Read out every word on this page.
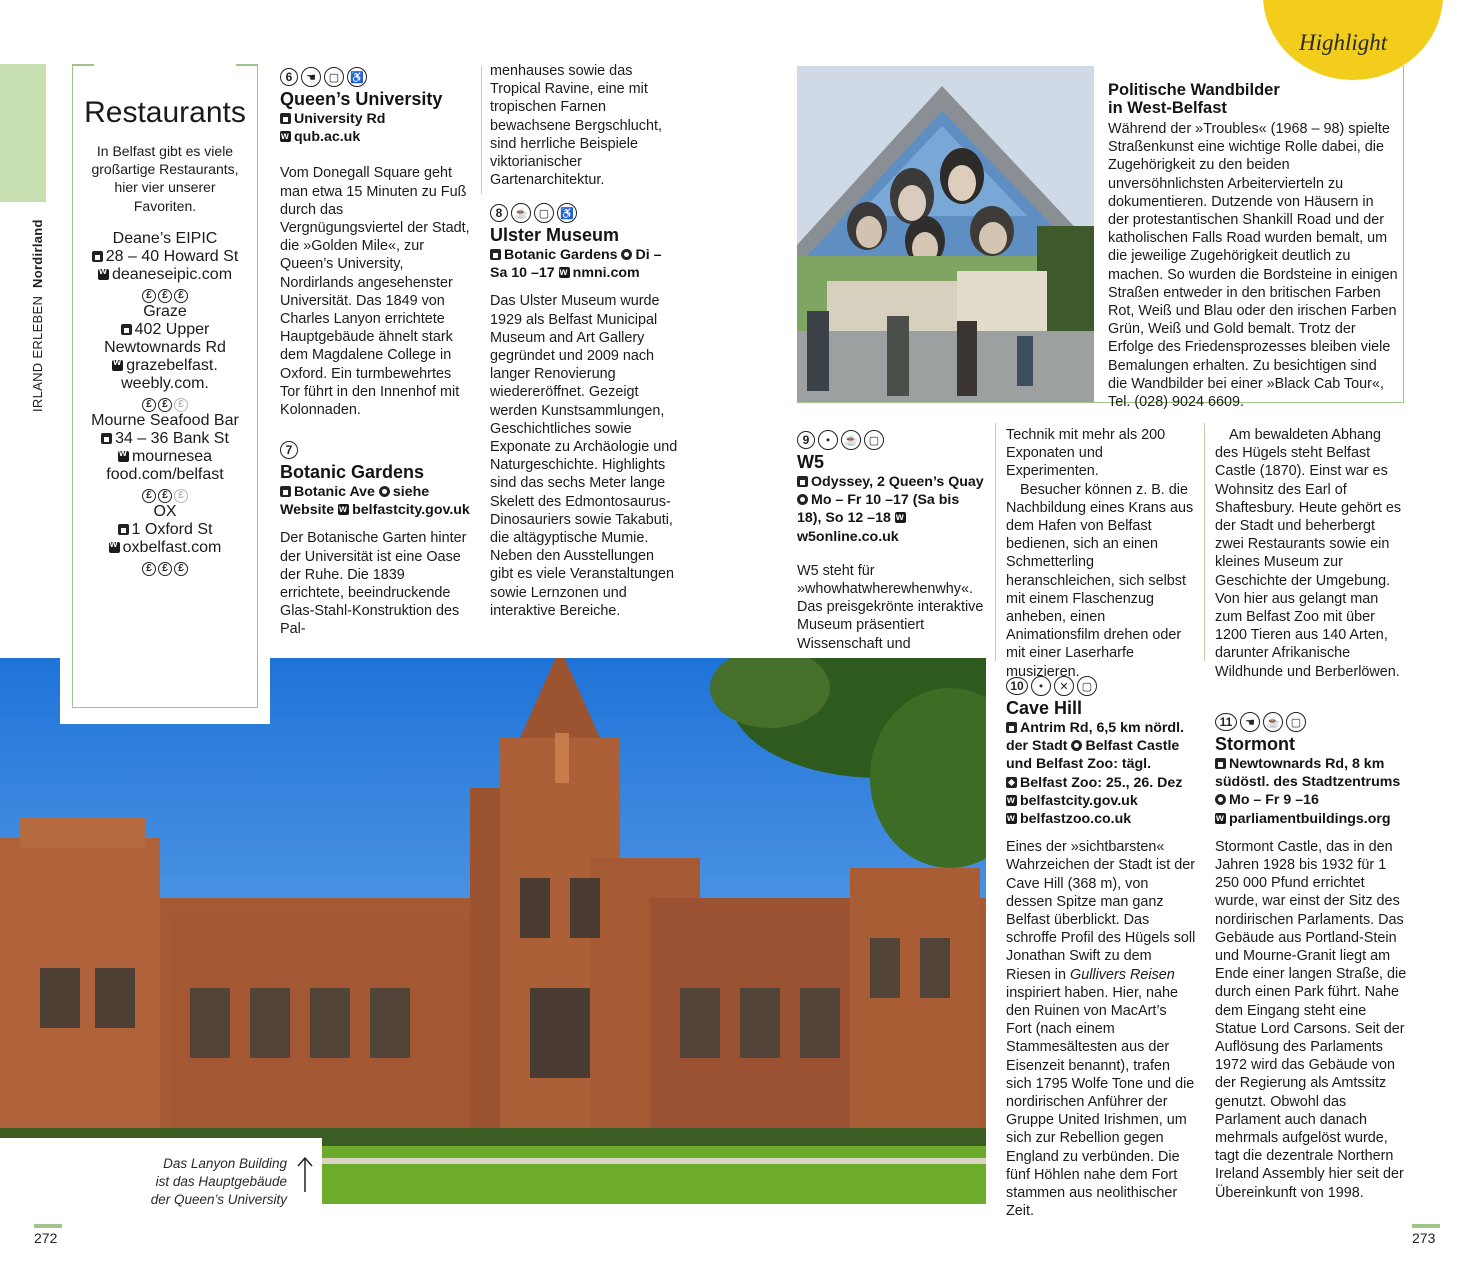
Highlight
IRLAND ERLEBEN  Nordirland
Restaurants
In Belfast gibt es viele großartige Restaurants, hier vier unserer Favoriten.
Deane’s EIPIC
28 – 40 Howard St
wdeaneseipic.com
£	£	£
Graze
402 Upper Newtownards Rd
wgrazebelfast.
weebly.com.
£	£	£
Mourne Seafood Bar
34 – 36 Bank St
wmournesea food.com/belfast
£	£	£
OX
1 Oxford St
woxbelfast.com
£	£	£
6	☚	▢ ♿
Queen’s University
University Rd
wqub.ac.uk
Vom Donegall Square geht man etwa 15 Minuten zu Fuß durch das Vergnügungsviertel der Stadt, die »Golden Mile«, zur Queen’s University, Nordirlands angesehenster Universität. Das 1849 von Charles Lanyon errichtete Hauptgebäude ähnelt stark dem Magdalene College in Oxford. Ein turmbewehrtes Tor führt in den Innenhof mit Kolonnaden.
7
Botanic Gardens
Botanic Ave siehe Website w belfastcity.gov.uk
Der Botanische Garten hinter der Universität ist eine Oase der Ruhe. Die 1839 errichtete, beeindruckende Glas-Stahl-Konstruktion des Pal-
menhauses sowie das Tropical Ravine, eine mit tropischen Farnen bewachsene Bergschlucht, sind herrliche Beispiele viktorianischer Gartenarchitektur.
8	☕ ▢ ♿
Ulster Museum
Botanic Gardens Di – Sa 10 –17 w nmni.com
Das Ulster Museum wurde 1929 als Belfast Municipal Museum and Art Gallery gegründet und 2009 nach langer Renovierung wiedereröffnet. Gezeigt werden Kunstsammlungen, Geschichtliches sowie Exponate zu Archäologie und Naturgeschichte. Highlights sind das sechs Meter lange Skelett des Edmontosaurus-Dinosauriers sowie Takabuti, die altägyptische Mumie. Neben den Ausstellungen gibt es viele Veranstaltungen sowie Lernzonen und interaktive Bereiche.
Politische Wandbilder
in West-Belfast
Während der »Troubles« (1968 – 98) spielte Straßenkunst eine wichtige Rolle dabei, die Zugehörigkeit zu den beiden unversöhnlichsten Arbeitervierteln zu dokumentieren. Dutzende von Häusern in der protestantischen Shankill Road und der katholischen Falls Road wurden bemalt, um die jeweilige Zugehörigkeit deutlich zu machen. So wurden die Bordsteine in einigen Straßen entweder in den britischen Farben Rot, Weiß und Blau oder den irischen Farben Grün, Weiß und Gold bemalt. Trotz der Erfolge des Friedensprozesses bleiben viele Bemalungen erhalten. Zu besichtigen sind die Wandbilder bei einer »Black Cab Tour«, Tel. (028) 9024 6609.
9	⬩	☕ ▢
W5
Odyssey, 2 Queen’s Quay
Mo – Fr 10 –17 (Sa bis 18), So 12 –18 ww5online.co.uk
W5 steht für »whowhatwherewhenwhy«. Das preisgekrönte interaktive Museum präsentiert Wissenschaft und

Technik mit mehr als 200 Exponaten und Experimenten.

Besucher können z. B. die Nachbildung eines Krans aus dem Hafen von Belfast bedienen, sich an einen Schmetterling heranschleichen, sich selbst mit einem Flaschenzug anheben, einen Animationsfilm drehen oder mit einer Laserharfe musizieren.

Am bewaldeten Abhang des Hügels steht Belfast Castle (1870). Einst war es Wohnsitz des Earl of Shaftesbury. Heute gehört es der Stadt und beherbergt zwei Restaurants sowie ein kleines Museum zur Geschichte der Umgebung. Von hier aus gelangt man zum Belfast Zoo mit über 1200 Tieren aus 140 Arten, darunter Afrikanische Wildhunde und Berberlöwen.
10	⬩	✕	▢
Cave Hill
Antrim Rd, 6,5 km nördl. der Stadt Belfast Castle und Belfast Zoo: tägl.
Belfast Zoo: 25., 26. Dez
wbelfastcity.gov.uk
wbelfastzoo.co.uk
Eines der »sichtbarsten« Wahrzeichen der Stadt ist der Cave Hill (368 m), von dessen Spitze man ganz Belfast überblickt. Das schroffe Profil des Hügels soll Jonathan Swift zu dem Riesen in Gullivers Reisen inspiriert haben. Hier, nahe den Ruinen von MacArt’s Fort (nach einem Stammesältesten aus der Eisenzeit benannt), trafen sich 1795 Wolfe Tone und die nordirischen Anführer der Gruppe United Irishmen, um sich zur Rebellion gegen England zu verbünden. Die fünf Höhlen nahe dem Fort stammen aus neolithischer Zeit.
11	☚	☕ ▢
Stormont
Newtownards Rd, 8 km südöstl. des Stadtzentrums
Mo – Fr 9 –16
wparliamentbuildings.org
Stormont Castle, das in den Jahren 1928 bis 1932 für 1 250 000 Pfund errichtet wurde, war einst der Sitz des nordirischen Parlaments. Das Gebäude aus Portland-Stein und Mourne-Granit liegt am Ende einer langen Straße, die durch einen Park führt. Nahe dem Eingang steht eine Statue Lord Carsons. Seit der Auflösung des Parlaments 1972 wird das Gebäude von der Regierung als Amtssitz genutzt. Obwohl das Parlament auch danach mehrmals aufgelöst wurde, tagt die dezentrale Northern Ireland Assembly hier seit der Übereinkunft von 1998.
Das Lanyon Building
ist das Hauptgebäude
der Queen’s University
272	273
